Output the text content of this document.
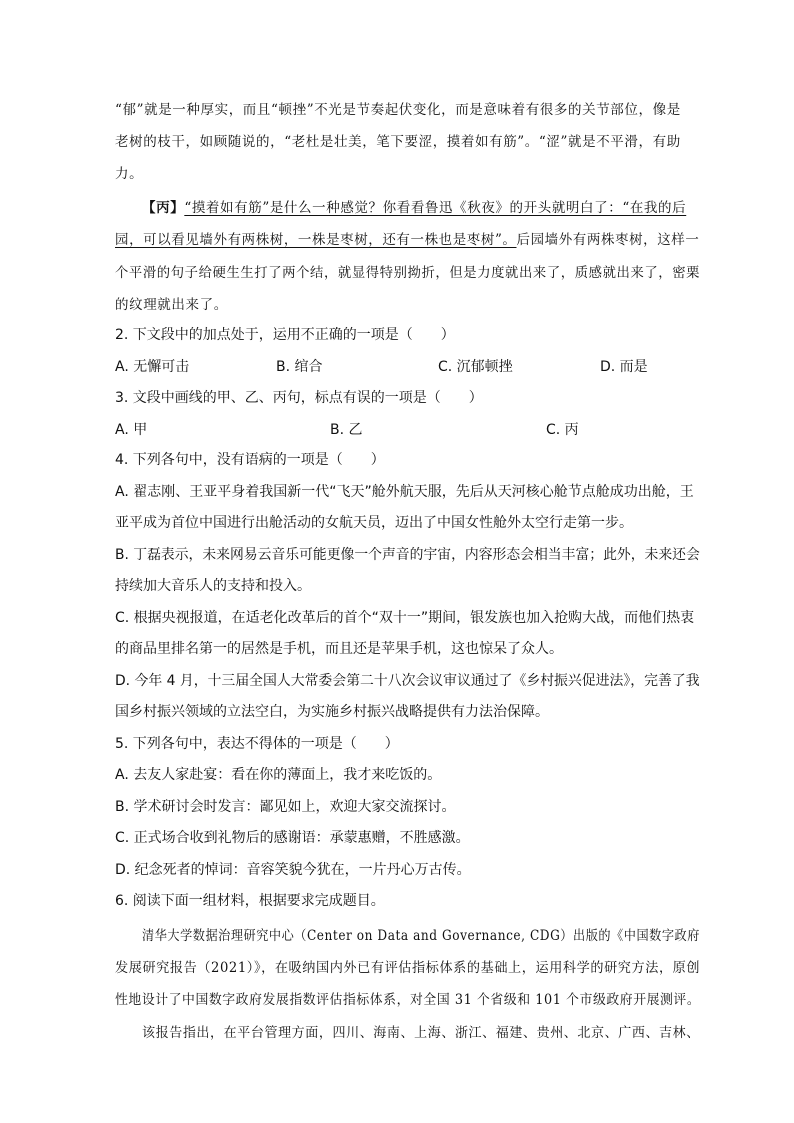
“郁”就是一种厚实，而且“顿挫”不光是节奏起伏变化，而是意味着有很多的关节部位，像是
老树的枝干，如顾随说的，“老杜是壮美，笔下要涩，摸着如有筋”。“涩”就是不平滑，有助
力。
【丙】“摸着如有筋”是什么一种感觉？你看看鲁迅《秋夜》的开头就明白了：“在我的后
园，可以看见墙外有两株树，一株是枣树，还有一株也是枣树”。后园墙外有两株枣树，这样一
个平滑的句子给硬生生打了两个结，就显得特别拗折，但是力度就出来了，质感就出来了，密栗
的纹理就出来了。
2. 下文段中的加点处于，运用不正确的一项是（　　）
A. 无懈可击	B. 绾合	C. 沉郁顿挫	D. 而是
3. 文段中画线的甲、乙、丙句，标点有误的一项是（　　）
A. 甲	B. 乙	C. 丙
4. 下列各句中，没有语病的一项是（　　）
A. 翟志刚、王亚平身着我国新一代“飞天”舱外航天服，先后从天河核心舱节点舱成功出舱，王
亚平成为首位中国进行出舱活动的女航天员，迈出了中国女性舱外太空行走第一步。
B. 丁磊表示，未来网易云音乐可能更像一个声音的宇宙，内容形态会相当丰富；此外，未来还会
持续加大音乐人的支持和投入。
C. 根据央视报道，在适老化改革后的首个“双十一”期间，银发族也加入抢购大战，而他们热衷
的商品里排名第一的居然是手机，而且还是苹果手机，这也惊呆了众人。
D. 今年 4 月，十三届全国人大常委会第二十八次会议审议通过了《乡村振兴促进法》，完善了我
国乡村振兴领域的立法空白，为实施乡村振兴战略提供有力法治保障。
5. 下列各句中，表达不得体的一项是（　　）
A. 去友人家赴宴：看在你的薄面上，我才来吃饭的。
B. 学术研讨会时发言：鄙见如上，欢迎大家交流探讨。
C. 正式场合收到礼物后的感谢语：承蒙惠赠，不胜感激。
D. 纪念死者的悼词：音容笑貌今犹在，一片丹心万古传。
6. 阅读下面一组材料，根据要求完成题目。
清华大学数据治理研究中心（Center on Data and Governance, CDG）出版的《中国数字政府
发展研究报告（2021）》，在吸纳国内外已有评估指标体系的基础上，运用科学的研究方法，原创
性地设计了中国数字政府发展指数评估指标体系，对全国 31 个省级和 101 个市级政府开展测评。
该报告指出，在平台管理方面，四川、海南、上海、浙江、福建、贵州、北京、广西、吉林、
